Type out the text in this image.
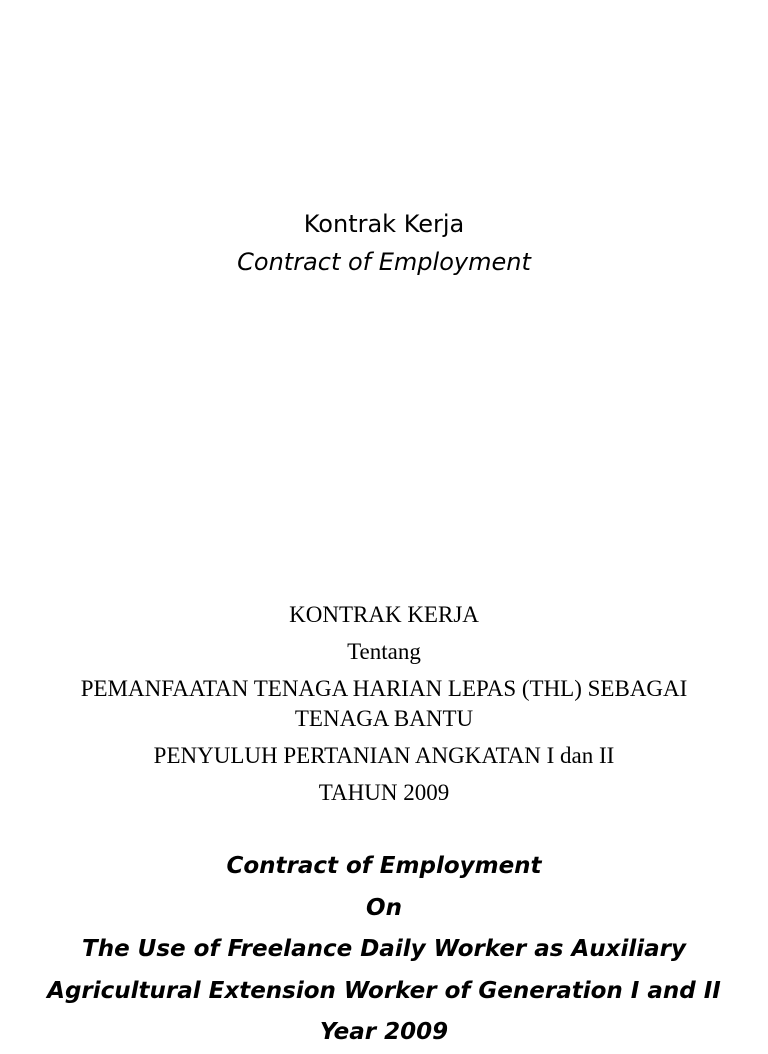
Kontrak Kerja
Contract of Employment
KONTRAK KERJA
Tentang
PEMANFAATAN TENAGA HARIAN LEPAS (THL) SEBAGAI
TENAGA BANTU
PENYULUH PERTANIAN ANGKATAN I dan II
TAHUN 2009
Contract of Employment
On
The Use of Freelance Daily Worker as Auxiliary
Agricultural Extension Worker of Generation I and II
Year 2009
